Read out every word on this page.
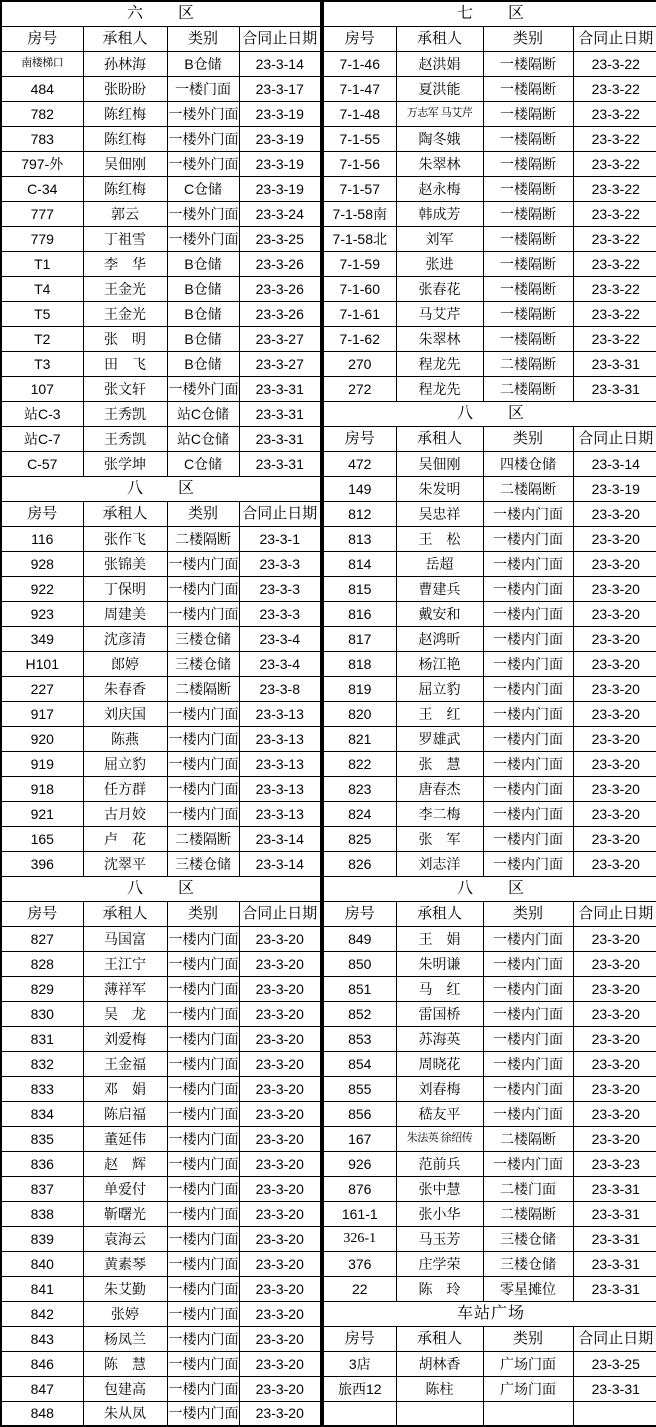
六　　区			
房号	承租人	类别	合同止日期
南楼梯口	孙林海	B仓储	23-3-14
484	张盼盼	一楼门面	23-3-17
782	陈红梅	一楼外门面	23-3-19
783	陈红梅	一楼外门面	23-3-19
797-外	吴佃刚	一楼外门面	23-3-19
C-34	陈红梅	C仓储	23-3-19
777	郭云	一楼外门面	23-3-24
779	丁祖雪	一楼外门面	23-3-25
T1	李　华	B仓储	23-3-26
T4	王金光	B仓储	23-3-26
T5	王金光	B仓储	23-3-26
T2	张　明	B仓储	23-3-27
T3	田　飞	B仓储	23-3-27
107	张文轩	一楼外门面	23-3-31
站C-3	王秀凯	站C仓储	23-3-31
站C-7	王秀凯	站C仓储	23-3-31
C-57	张学坤	C仓储	23-3-31
八　　区			
房号	承租人	类别	合同止日期
116	张作飞	二楼隔断	23-3-1
928	张锦美	一楼内门面	23-3-3
922	丁保明	一楼内门面	23-3-3
923	周建美	一楼内门面	23-3-3
349	沈彦清	三楼仓储	23-3-4
H101	郎婷	三楼仓储	23-3-4
227	朱春香	二楼隔断	23-3-8
917	刘庆国	一楼内门面	23-3-13
920	陈燕	一楼内门面	23-3-13
919	屈立豹	一楼内门面	23-3-13
918	任方群	一楼内门面	23-3-13
921	古月姣	一楼内门面	23-3-13
165	卢　花	二楼隔断	23-3-14
396	沈翠平	三楼仓储	23-3-14
八　　区			
房号	承租人	类别	合同止日期
827	马国富	一楼内门面	23-3-20
828	王江宁	一楼内门面	23-3-20
829	薄祥军	一楼内门面	23-3-20
830	吴　龙	一楼内门面	23-3-20
831	刘爱梅	一楼内门面	23-3-20
832	王金福	一楼内门面	23-3-20
833	邓　娟	一楼内门面	23-3-20
834	陈启福	一楼内门面	23-3-20
835	董延伟	一楼内门面	23-3-20
836	赵　辉	一楼内门面	23-3-20
837	单爱付	一楼内门面	23-3-20
838	靳曙光	一楼内门面	23-3-20
839	袁海云	一楼内门面	23-3-20
840	黄素琴	一楼内门面	23-3-20
841	朱艾勤	一楼内门面	23-3-20
842	张婷	一楼内门面	23-3-20
843	杨凤兰	一楼内门面	23-3-20
846	陈　慧	一楼内门面	23-3-20
847	包建高	一楼内门面	23-3-20
848	朱从凤	一楼内门面	23-3-20
七　　区			
房号	承租人	类别	合同止日期
7-1-46	赵洪娟	一楼隔断	23-3-22
7-1-47	夏洪能	一楼隔断	23-3-22
7-1-48	万志军 马艾芹	一楼隔断	23-3-22
7-1-55	陶冬娥	一楼隔断	23-3-22
7-1-56	朱翠林	一楼隔断	23-3-22
7-1-57	赵永梅	一楼隔断	23-3-22
7-1-58南	韩成芳	一楼隔断	23-3-22
7-1-58北	刘军	一楼隔断	23-3-22
7-1-59	张进	一楼隔断	23-3-22
7-1-60	张春花	一楼隔断	23-3-22
7-1-61	马艾芹	一楼隔断	23-3-22
7-1-62	朱翠林	一楼隔断	23-3-22
270	程龙先	二楼隔断	23-3-31
272	程龙先	二楼隔断	23-3-31
八　　区			
房号	承租人	类别	合同止日期
472	吴佃刚	四楼仓储	23-3-14
149	朱发明	二楼隔断	23-3-19
812	吴忠祥	一楼内门面	23-3-20
813	王　松	一楼内门面	23-3-20
814	岳超	一楼内门面	23-3-20
815	曹建兵	一楼内门面	23-3-20
816	戴安和	一楼内门面	23-3-20
817	赵鸿昕	一楼内门面	23-3-20
818	杨江艳	一楼内门面	23-3-20
819	屈立豹	一楼内门面	23-3-20
820	王　红	一楼内门面	23-3-20
821	罗雄武	一楼内门面	23-3-20
822	张　慧	一楼内门面	23-3-20
823	唐春杰	一楼内门面	23-3-20
824	李二梅	一楼内门面	23-3-20
825	张　军	一楼内门面	23-3-20
826	刘志洋	一楼内门面	23-3-20
八　　区			
房号	承租人	类别	合同止日期
849	王　娟	一楼内门面	23-3-20
850	朱明谦	一楼内门面	23-3-20
851	马　红	一楼内门面	23-3-20
852	雷国桥	一楼内门面	23-3-20
853	苏海英	一楼内门面	23-3-20
854	周晓花	一楼内门面	23-3-20
855	刘春梅	一楼内门面	23-3-20
856	嵇友平	一楼内门面	23-3-20
167	朱法英 徐绍传	二楼隔断	23-3-20
926	范前兵	一楼内门面	23-3-23
876	张中慧	二楼门面	23-3-31
161-1	张小华	二楼隔断	23-3-31
326-1	马玉芳	三楼仓储	23-3-31
376	庄学荣	三楼仓储	23-3-31
22	陈　玲	零星摊位	23-3-31
车站广场			
房号	承租人	类别	合同止日期
3店	胡林香	广场门面	23-3-25
旅西12	陈柱	广场门面	23-3-31
